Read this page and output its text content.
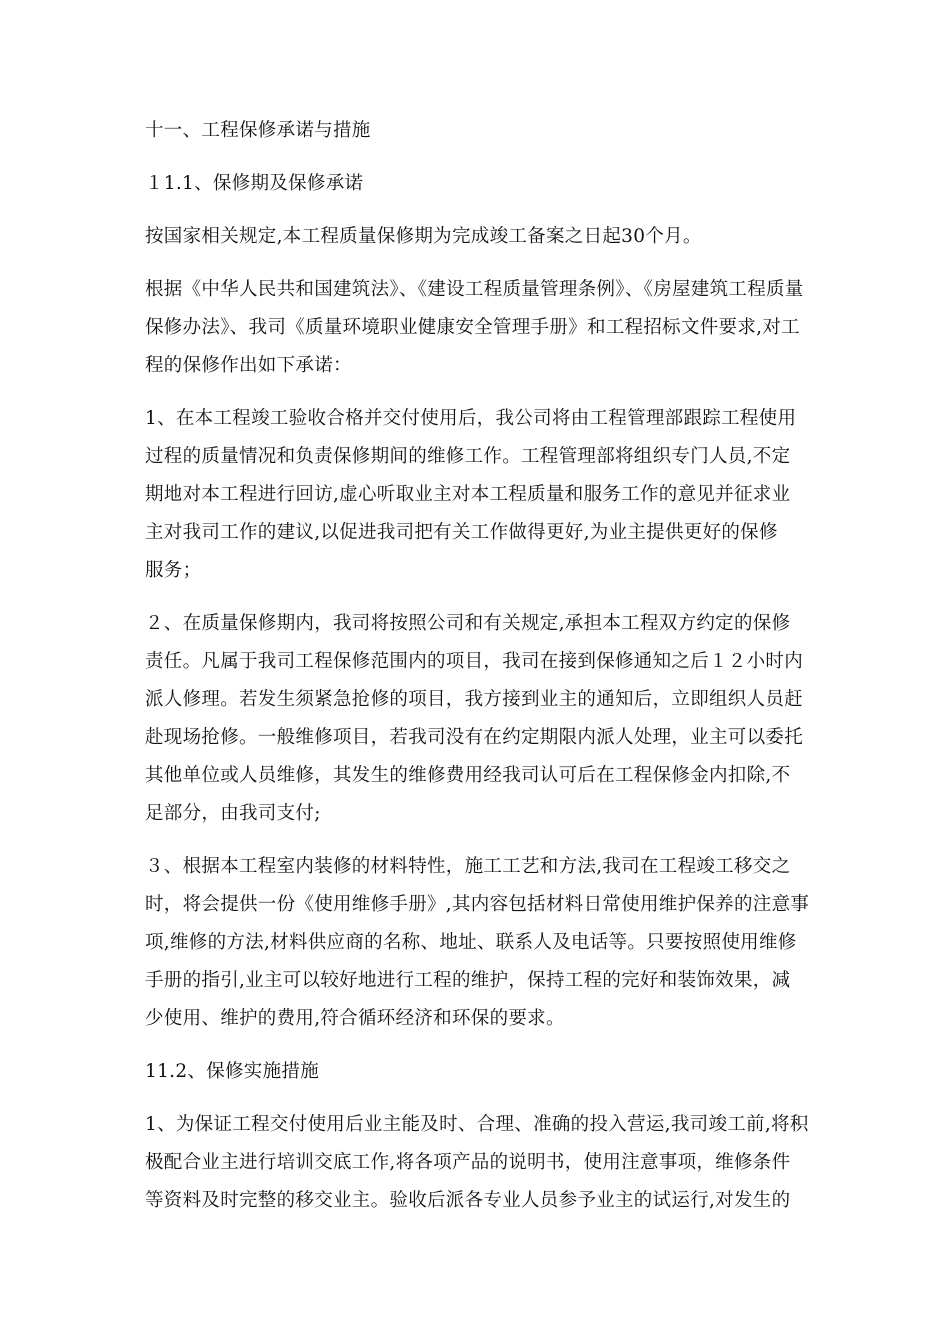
十一、工程保修承诺与措施
１1.1、保修期及保修承诺
按国家相关规定,本工程质量保修期为完成竣工备案之日起30个月。
根据《中华人民共和国建筑法》、《建设工程质量管理条例》、《房屋建筑工程质量
保修办法》、我司《质量环境职业健康安全管理手册》和工程招标文件要求,对工
程的保修作出如下承诺：
1、在本工程竣工验收合格并交付使用后，我公司将由工程管理部跟踪工程使用
过程的质量情况和负责保修期间的维修工作。工程管理部将组织专门人员,不定
期地对本工程进行回访,虚心听取业主对本工程质量和服务工作的意见并征求业
主对我司工作的建议,以促进我司把有关工作做得更好,为业主提供更好的保修
服务；
２、在质量保修期内，我司将按照公司和有关规定,承担本工程双方约定的保修
责任。凡属于我司工程保修范围内的项目，我司在接到保修通知之后１２小时内
派人修理。若发生须紧急抢修的项目，我方接到业主的通知后，立即组织人员赶
赴现场抢修。一般维修项目，若我司没有在约定期限内派人处理，业主可以委托
其他单位或人员维修，其发生的维修费用经我司认可后在工程保修金内扣除,不
足部分，由我司支付;
３、根据本工程室内装修的材料特性，施工工艺和方法,我司在工程竣工移交之
时，将会提供一份《使用维修手册》,其内容包括材料日常使用维护保养的注意事
项,维修的方法,材料供应商的名称、地址、联系人及电话等。只要按照使用维修
手册的指引,业主可以较好地进行工程的维护，保持工程的完好和装饰效果，减
少使用、维护的费用,符合循环经济和环保的要求。
11.2、保修实施措施
1、为保证工程交付使用后业主能及时、合理、准确的投入营运,我司竣工前,将积
极配合业主进行培训交底工作,将各项产品的说明书，使用注意事项，维修条件
等资料及时完整的移交业主。验收后派各专业人员参予业主的试运行,对发生的
